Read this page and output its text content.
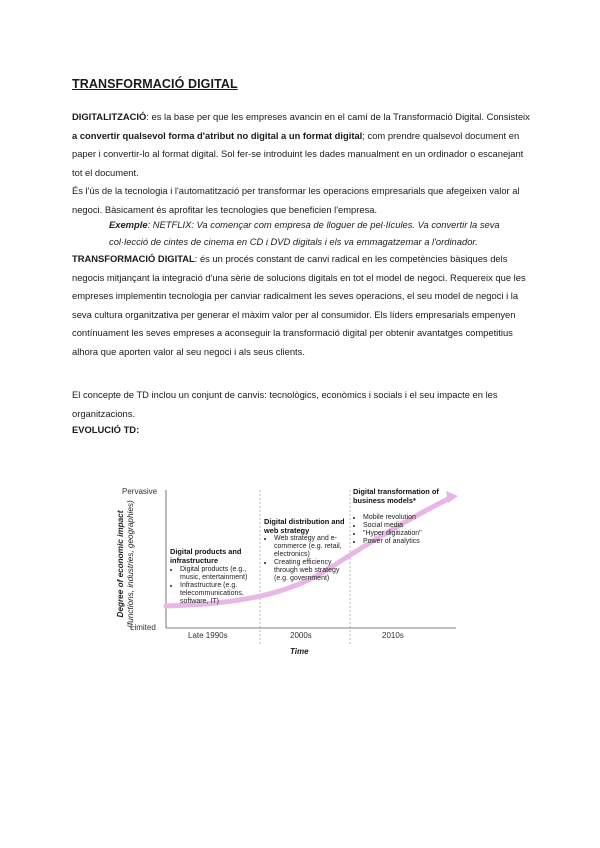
TRANSFORMACIÓ DIGITAL

DIGITALITZACIÓ: es la base per que les empreses avancin en el camí de la Transformació Digital. Consisteix a convertir qualsevol forma d'atribut no digital a un format digital; com prendre qualsevol document en paper i convertir-lo al format digital. Sol fer-se introduint les dades manualment en un ordinador o escanejant tot el document.
És l'ús de la tecnologia i l'automatització per transformar les operacions empresarials que afegeixen valor al negoci. Bàsicament és aprofitar les tecnologies que beneficien l'empresa.

Exemple: NETFLIX: Va començar com empresa de lloguer de pel·lícules. Va convertir la seva col·lecció de cintes de cinema en CD i DVD digitals i els va emmagatzemar a l'ordinador.

TRANSFORMACIÓ DIGITAL: és un procés constant de canvi radical en les competències bàsiques dels negocis mitjançant la integració d'una sèrie de solucions digitals en tot el model de negoci. Requereix que les empreses implementin tecnologia per canviar radicalment les seves operacions, el seu model de negoci i la seva cultura organitzativa per generar el màxim valor per al consumidor. Els líders empresarials empenyen contínuament les seves empreses a aconseguir la transformació digital per obtenir avantatges competitius alhora que aporten valor al seu negoci i als seus clients.

El concepte de TD inclou un conjunt de canvis: tecnològics, econòmics i socials i el seu impacte en les organitzacions.

EVOLUCIÓ TD:

Degree of economic impact (functions, industries, geographies)
Pervasive
Limited
Late 1990s	2000s	2010s
Time
Digital products and infrastructure
• Digital products (e.g., music, entertainment)
• Infrastructure (e.g. telecommunications, software, IT)
Digital distribution and web strategy
• Web strategy and e-commerce (e.g. retail, electronics)
• Creating efficiency through web strategy (e.g. government)
Digital transformation of business models*
• Mobile revolution
• Social media
• "Hyper digitization"
• Power of analytics
